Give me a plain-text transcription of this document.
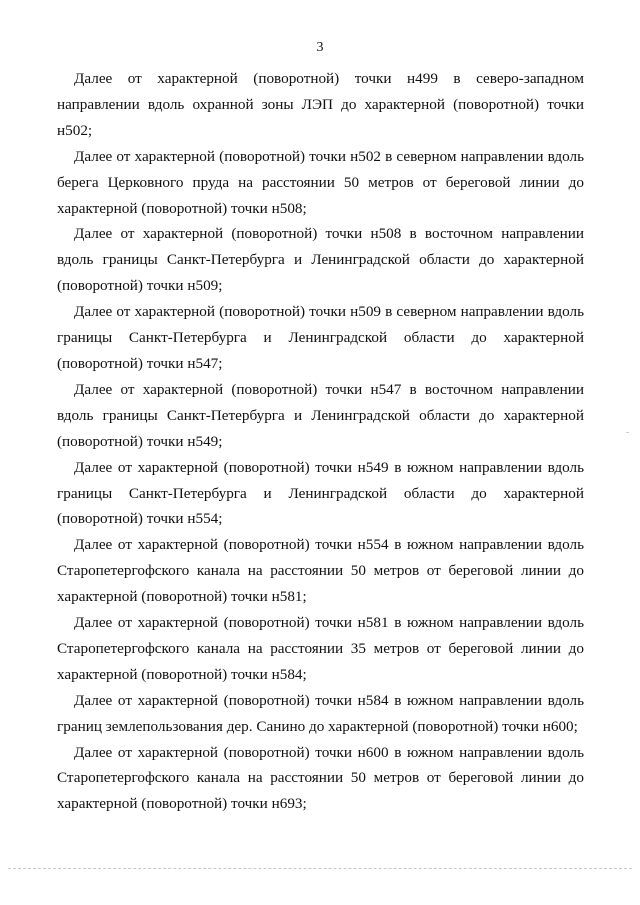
3

Далее от характерной (поворотной) точки н499 в северо-западном направлении вдоль охранной зоны ЛЭП до характерной (поворотной) точки н502;

Далее от характерной (поворотной) точки н502 в северном направлении вдоль берега Церковного пруда на расстоянии 50 метров от береговой линии до характерной (поворотной) точки н508;

Далее от характерной (поворотной) точки н508 в восточном направлении вдоль границы Санкт-Петербурга и Ленинградской области до характерной (поворотной) точки н509;

Далее от характерной (поворотной) точки н509 в северном направлении вдоль границы Санкт-Петербурга и Ленинградской области до характерной (поворотной) точки н547;

Далее от характерной (поворотной) точки н547 в восточном направлении вдоль границы Санкт-Петербурга и Ленинградской области до характерной (поворотной) точки н549;

Далее от характерной (поворотной) точки н549 в южном направлении вдоль границы Санкт-Петербурга и Ленинградской области до характерной (поворотной) точки н554;

Далее от характерной (поворотной) точки н554 в южном направлении вдоль Старопетергофского канала на расстоянии 50 метров от береговой линии до характерной (поворотной) точки н581;

Далее от характерной (поворотной) точки н581 в южном направлении вдоль Старопетергофского канала на расстоянии 35 метров от береговой линии до характерной (поворотной) точки н584;

Далее от характерной (поворотной) точки н584 в южном направлении вдоль границ землепользования дер. Санино до характерной (поворотной) точки н600;

Далее от характерной (поворотной) точки н600 в южном направлении вдоль Старопетергофского канала на расстоянии 50 метров от береговой линии до характерной (поворотной) точки н693;
